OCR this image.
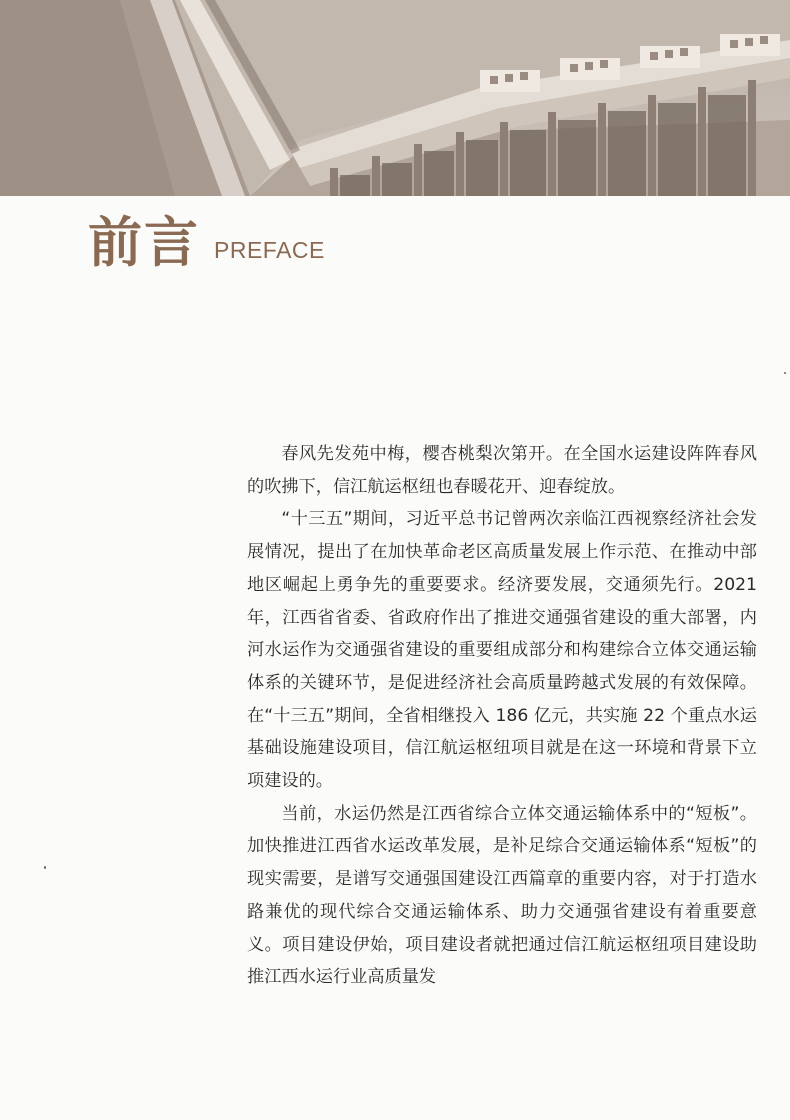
前言 PREFACE

春风先发苑中梅，樱杏桃梨次第开。在全国水运建设阵阵春风的吹拂下，信江航运枢纽也春暖花开、迎春绽放。

“十三五”期间，习近平总书记曾两次亲临江西视察经济社会发展情况，提出了在加快革命老区高质量发展上作示范、在推动中部地区崛起上勇争先的重要要求。经济要发展，交通须先行。2021 年，江西省省委、省政府作出了推进交通强省建设的重大部署，内河水运作为交通强省建设的重要组成部分和构建综合立体交通运输体系的关键环节，是促进经济社会高质量跨越式发展的有效保障。在“十三五”期间，全省相继投入 186 亿元，共实施 22 个重点水运基础设施建设项目，信江航运枢纽项目就是在这一环境和背景下立项建设的。

当前，水运仍然是江西省综合立体交通运输体系中的“短板”。加快推进江西省水运改革发展，是补足综合交通运输体系“短板”的现实需要，是谱写交通强国建设江西篇章的重要内容，对于打造水路兼优的现代综合交通运输体系、助力交通强省建设有着重要意义。项目建设伊始，项目建设者就把通过信江航运枢纽项目建设助推江西水运行业高质量发
